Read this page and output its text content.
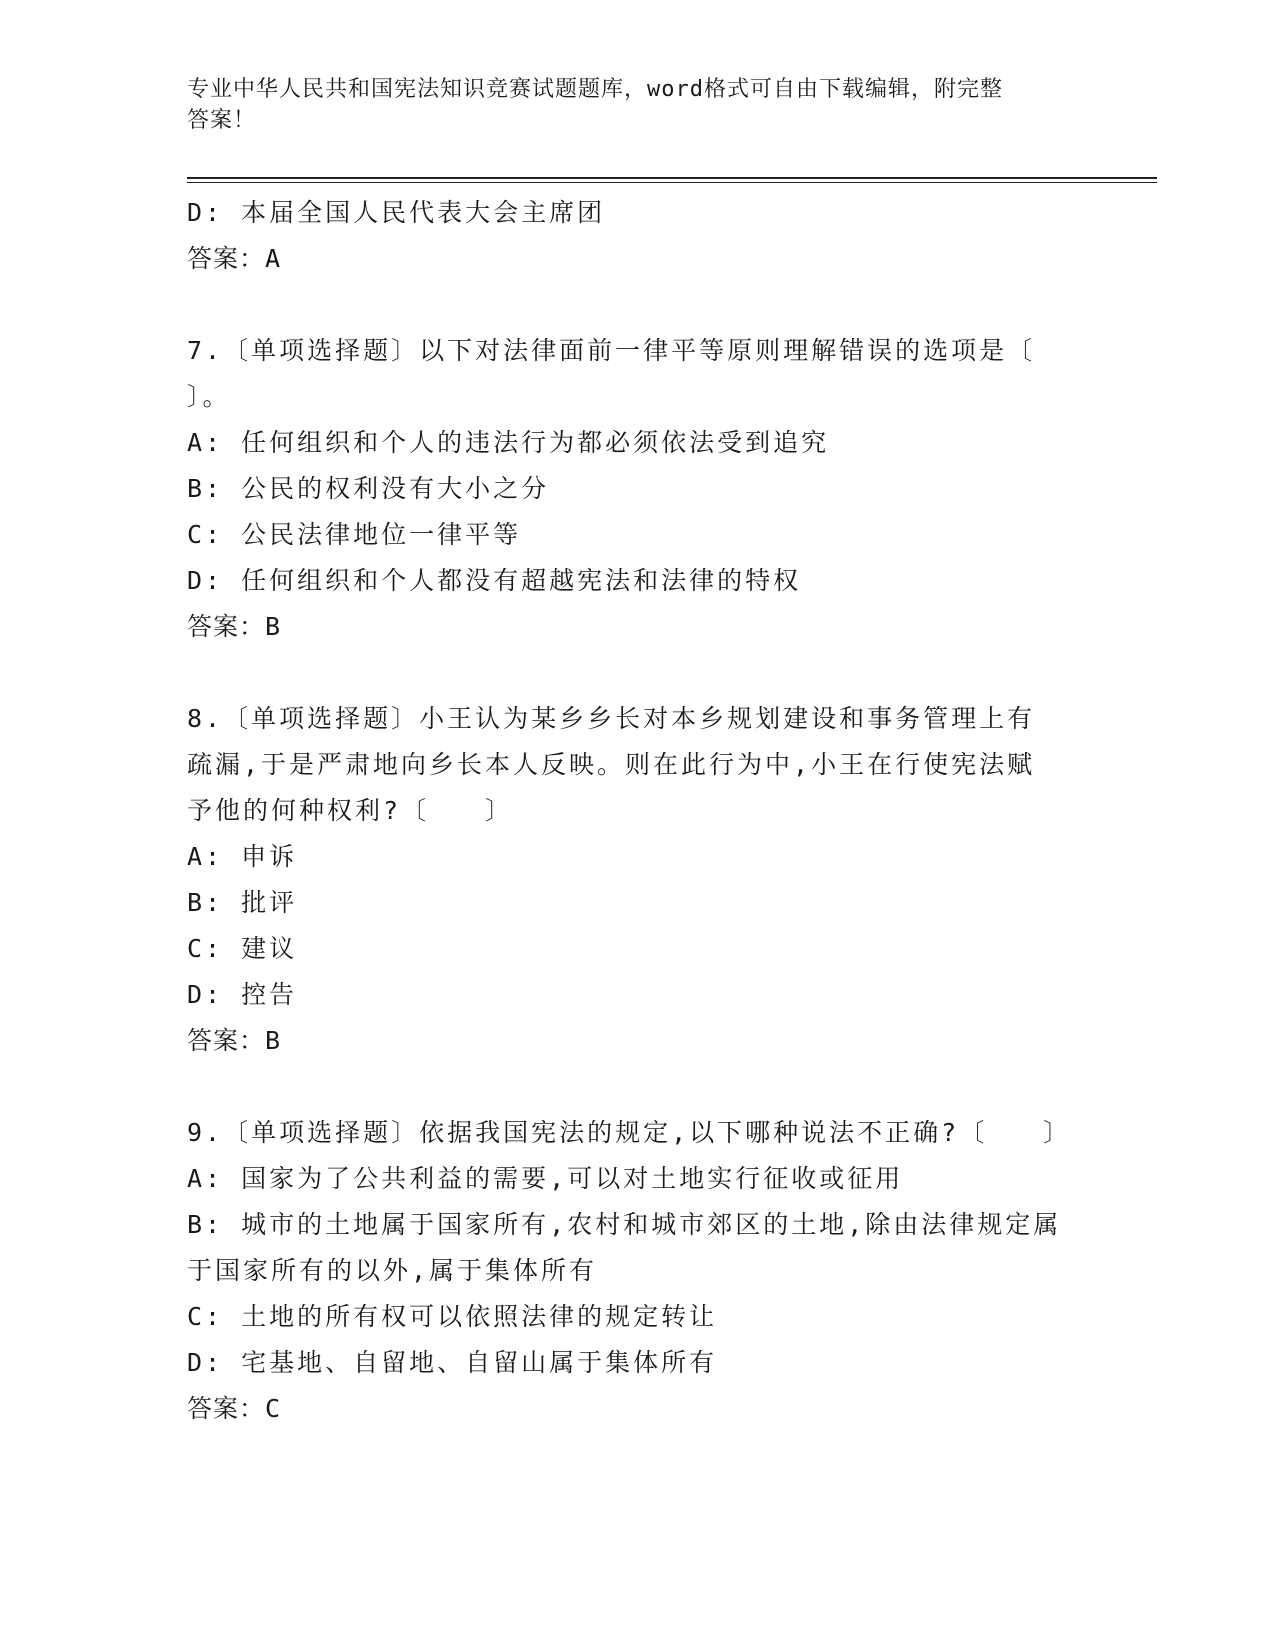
专业中华人民共和国宪法知识竞赛试题题库，word格式可自由下载编辑，附完整
答案！
D: 本届全国人民代表大会主席团
答案：A
7.〔单项选择题〕以下对法律面前一律平等原则理解错误的选项是〔
〕。
A: 任何组织和个人的违法行为都必须依法受到追究
B: 公民的权利没有大小之分
C: 公民法律地位一律平等
D: 任何组织和个人都没有超越宪法和法律的特权
答案：B
8.〔单项选择题〕小王认为某乡乡长对本乡规划建设和事务管理上有
疏漏,于是严肃地向乡长本人反映。则在此行为中,小王在行使宪法赋
予他的何种权利?〔　　〕
A: 申诉
B: 批评
C: 建议
D: 控告
答案：B
9.〔单项选择题〕依据我国宪法的规定,以下哪种说法不正确?〔　　〕
A: 国家为了公共利益的需要,可以对土地实行征收或征用
B: 城市的土地属于国家所有,农村和城市郊区的土地,除由法律规定属
于国家所有的以外,属于集体所有
C: 土地的所有权可以依照法律的规定转让
D: 宅基地、自留地、自留山属于集体所有
答案：C
